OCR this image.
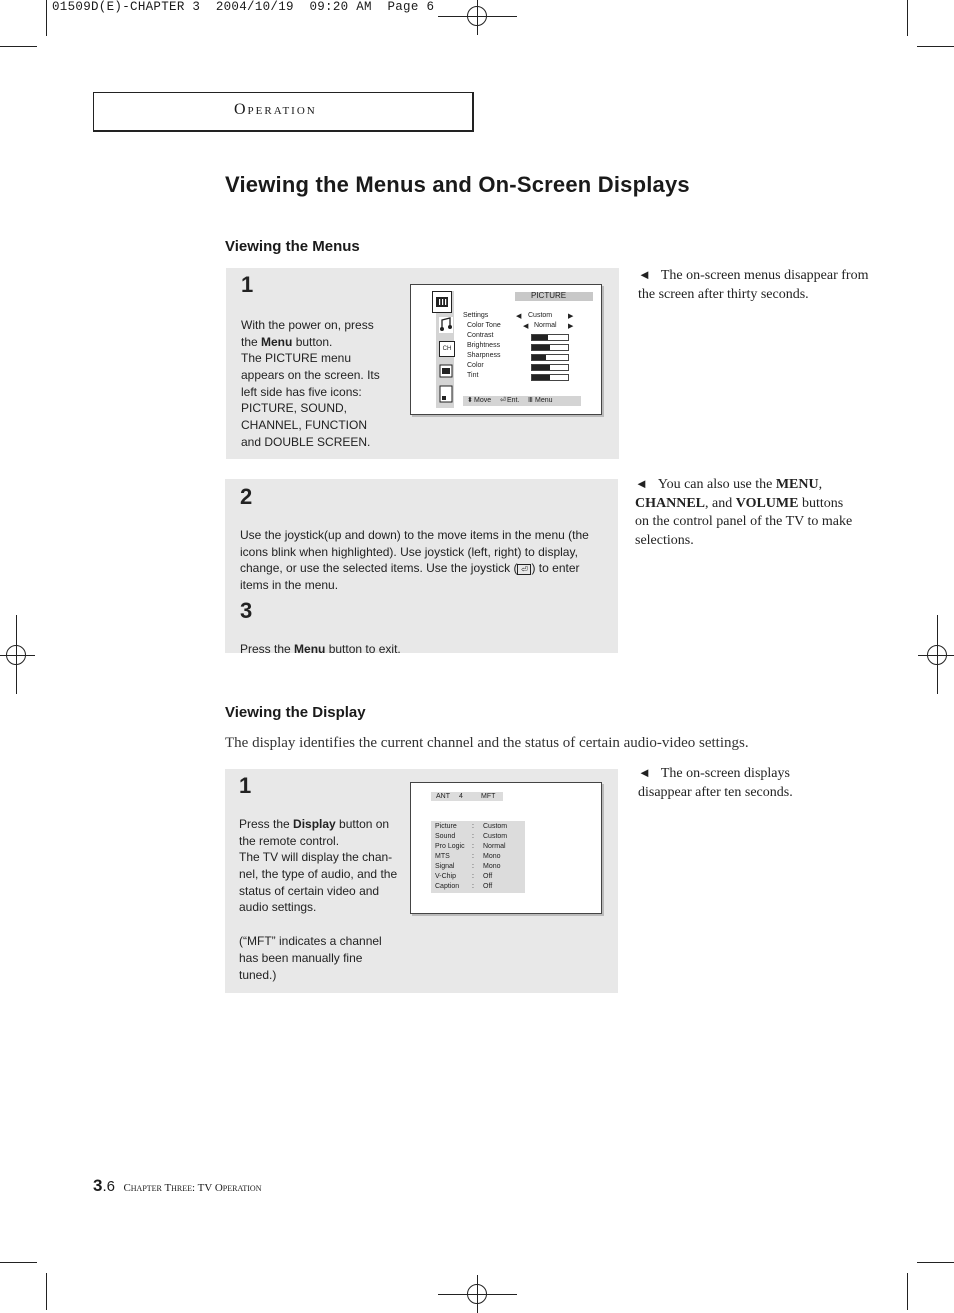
01509D(E)-CHAPTER 3  2004/10/19  09:20 AM  Page 6
Operation
Viewing the Menus and On-Screen Displays
Viewing the Menus
1

With the power on, press the Menu button.

The PICTURE menu appears on the screen. Its left side has five icons: PICTURE, SOUND, CHANNEL, FUNCTION and DOUBLE SCREEN.
CH
PICTURE
Settings	◀ Custom ▶
Color Tone	◀ Normal ▶
Contrast
Brightness
Sharpness
Color
Tint
⬍ Move ⏎ Ent. Ⅲ Menu
◄ The on-screen menus disappear from the screen after thirty seconds.
2

Use the joystick(up and down) to the move items in the menu (the icons blink when highlighted). Use joystick (left, right) to display, change, or use the selected items. Use the joystick ( ⏎ ) to enter items in the menu.

3

Press the Menu button to exit.

◄ You can also use the MENU, CHANNEL, and VOLUME buttons on the control panel of the TV to make selections.
Viewing the Display
The display identifies the current channel and the status of certain audio-video settings.
1

Press the Display button on the remote control.

The TV will display the chan-nel, the type of audio, and the status of certain video and audio settings.
(“MFT” indicates a channel has been manually fine tuned.)
ANT 4	MFT
Picture : Custom
Sound : Custom
Pro Logic : Normal
MTS	: Mono
Signal	: Mono
V-Chip : Off
Caption : Off
◄ The on-screen displays disappear after ten seconds.
3.6 Chapter Three: TV Operation
